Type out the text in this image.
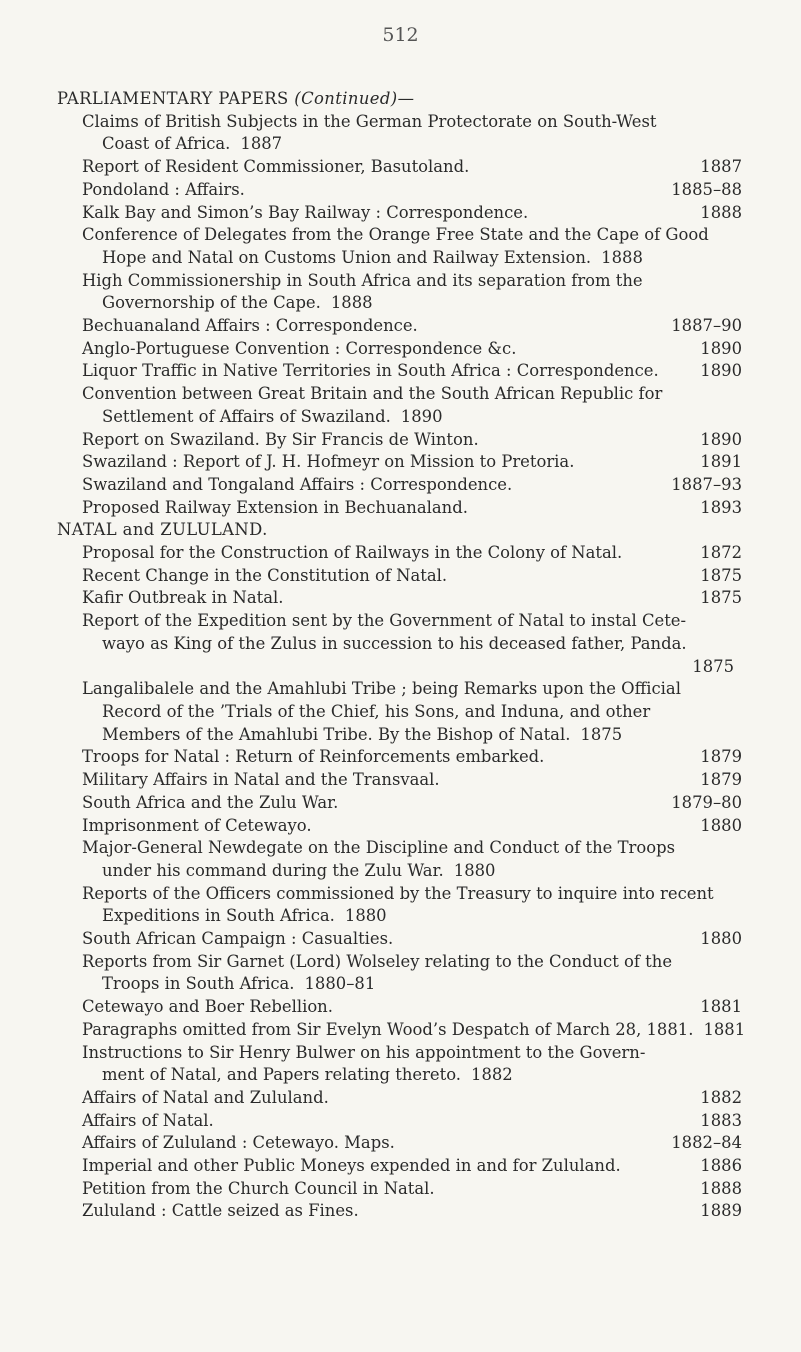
512
PARLIAMENTARY PAPERS (Continued)—
Claims of British Subjects in the German Protectorate on South-West
Coast of Africa. 1887
Report of Resident Commissioner, Basutoland.	1887
Pondoland : Affairs.	1885–88
Kalk Bay and Simon’s Bay Railway : Correspondence.	1888
Conference of Delegates from the Orange Free State and the Cape of Good
Hope and Natal on Customs Union and Railway Extension. 1888
High Commissionership in South Africa and its separation from the
Governorship of the Cape. 1888
Bechuanaland Affairs : Correspondence.	1887–90
Anglo-Portuguese Convention : Correspondence &c.	1890
Liquor Traffic in Native Territories in South Africa : Correspondence.	1890
Convention between Great Britain and the South African Republic for
Settlement of Affairs of Swaziland. 1890
Report on Swaziland. By Sir Francis de Winton.	1890
Swaziland : Report of J. H. Hofmeyr on Mission to Pretoria.	1891
Swaziland and Tongaland Affairs : Correspondence.	1887–93
Proposed Railway Extension in Bechuanaland.	1893
NATAL and ZULULAND.
Proposal for the Construction of Railways in the Colony of Natal.	1872
Recent Change in the Constitution of Natal.	1875
Kafir Outbreak in Natal.	1875
Report of the Expedition sent by the Government of Natal to instal Cete-
wayo as King of the Zulus in succession to his deceased father, Panda.
1875
Langalibalele and the Amahlubi Tribe ; being Remarks upon the Official
Record of the ’Trials of the Chief, his Sons, and Induna, and other
Members of the Amahlubi Tribe. By the Bishop of Natal. 1875
Troops for Natal : Return of Reinforcements embarked.	1879
Military Affairs in Natal and the Transvaal.	1879
South Africa and the Zulu War.	1879–80
Imprisonment of Cetewayo.	1880
Major-General Newdegate on the Discipline and Conduct of the Troops
under his command during the Zulu War. 1880
Reports of the Officers commissioned by the Treasury to inquire into recent
Expeditions in South Africa. 1880
South African Campaign : Casualties.	1880
Reports from Sir Garnet (Lord) Wolseley relating to the Conduct of the
Troops in South Africa. 1880–81
Cetewayo and Boer Rebellion.	1881
Paragraphs omitted from Sir Evelyn Wood’s Despatch of March 28, 1881. 1881
Instructions to Sir Henry Bulwer on his appointment to the Govern-
ment of Natal, and Papers relating thereto. 1882
Affairs of Natal and Zululand.	1882
Affairs of Natal.	1883
Affairs of Zululand : Cetewayo. Maps.	1882–84
Imperial and other Public Moneys expended in and for Zululand.	1886
Petition from the Church Council in Natal.	1888
Zululand : Cattle seized as Fines.	1889
